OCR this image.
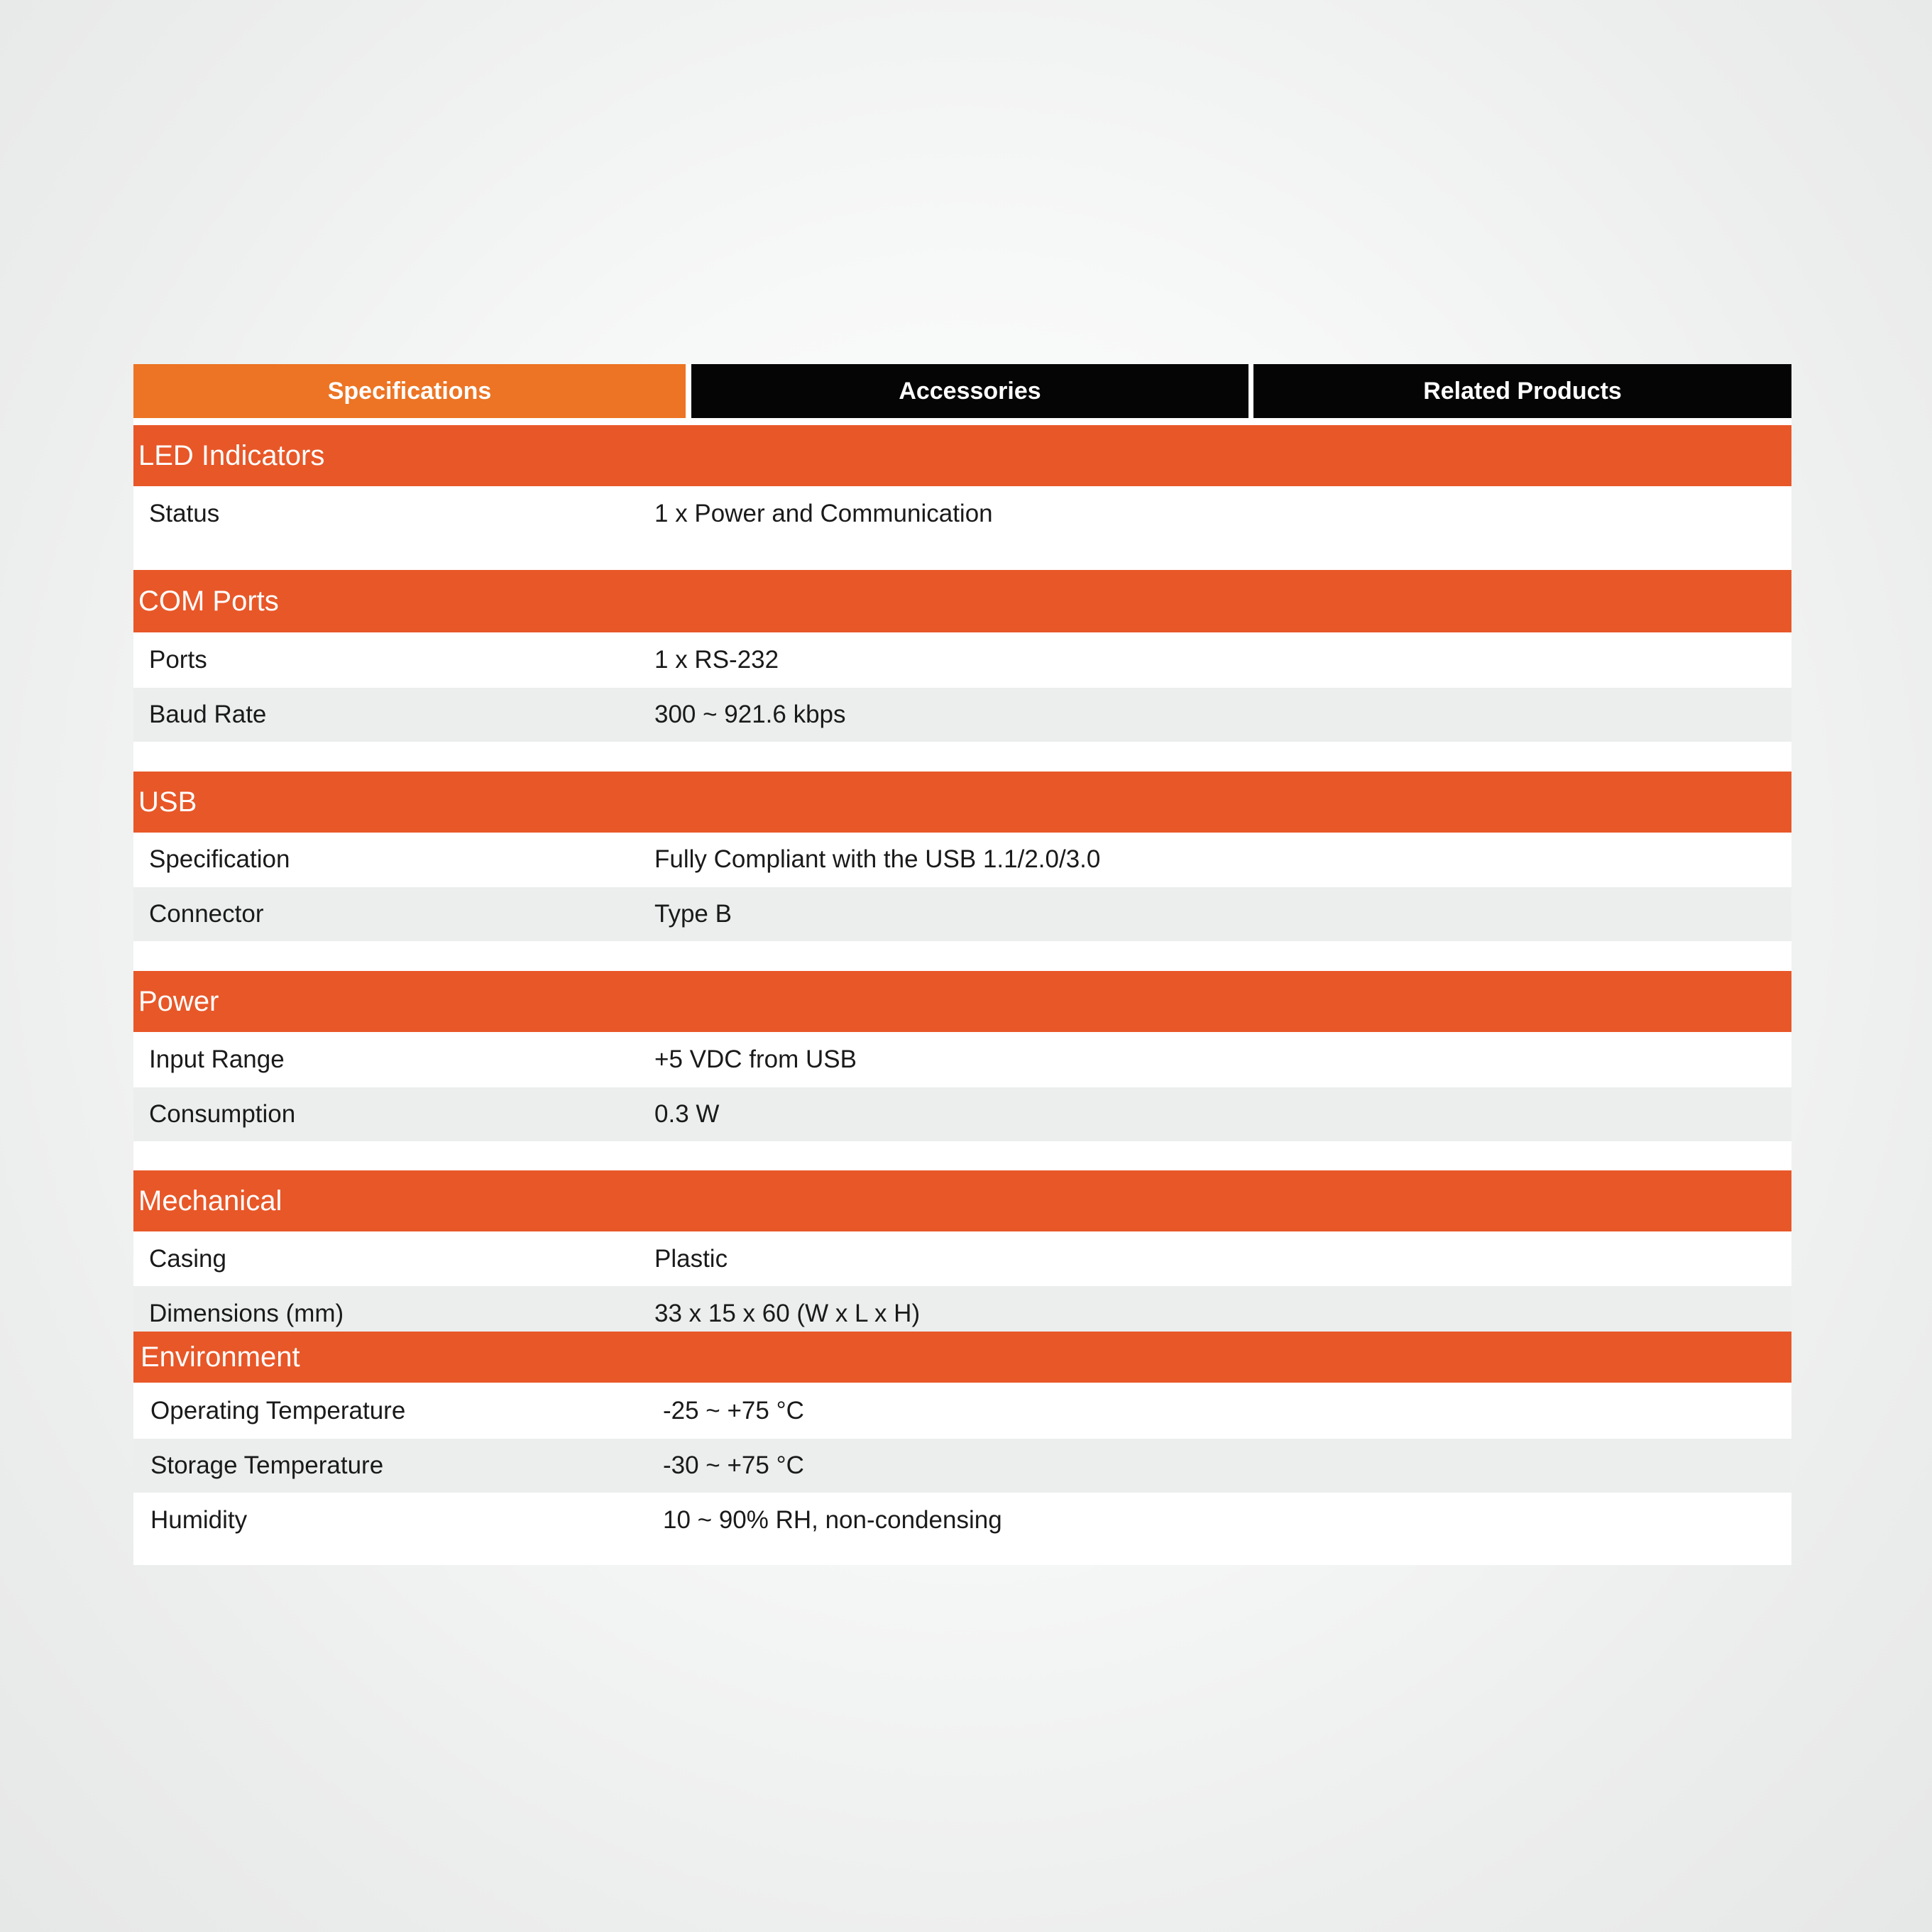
Specifications	Accessories	Related Products
LED Indicators
Status	1 x Power and Communication
COM Ports
Ports	1 x RS-232
Baud Rate	300 ~ 921.6 kbps
USB
Specification	Fully Compliant with the USB 1.1/2.0/3.0
Connector	Type B
Power
Input Range	+5 VDC from USB
Consumption	0.3 W
Mechanical
Casing	Plastic
Dimensions (mm)	33 x 15 x 60 (W x L x H)
Environment
Operating Temperature	-25 ~ +75 °C
Storage Temperature	-30 ~ +75 °C
Humidity	10 ~ 90% RH, non-condensing
